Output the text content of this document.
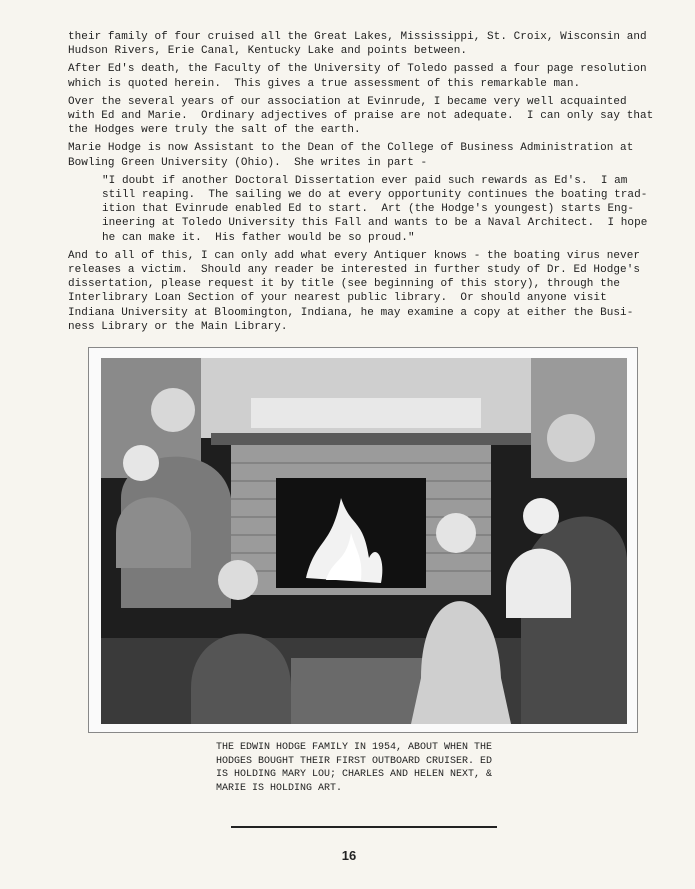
their family of four cruised all the Great Lakes, Mississippi, St. Croix, Wisconsin and
Hudson Rivers, Erie Canal, Kentucky Lake and points between.

After Ed's death, the Faculty of the University of Toledo passed a four page resolution
which is quoted herein.  This gives a true assessment of this remarkable man.

Over the several years of our association at Evinrude, I became very well acquainted
with Ed and Marie.  Ordinary adjectives of praise are not adequate.  I can only say that
the Hodges were truly the salt of the earth.

Marie Hodge is now Assistant to the Dean of the College of Business Administration at
Bowling Green University (Ohio).  She writes in part -

"I doubt if another Doctoral Dissertation ever paid such rewards as Ed's.  I am
still reaping.  The sailing we do at every opportunity continues the boating trad-
ition that Evinrude enabled Ed to start.  Art (the Hodge's youngest) starts Eng-
ineering at Toledo University this Fall and wants to be a Naval Architect.  I hope
he can make it.  His father would be so proud."

And to all of this, I can only add what every Antiquer knows - the boating virus never
releases a victim.  Should any reader be interested in further study of Dr. Ed Hodge's
dissertation, please request it by title (see beginning of this story), through the
Interlibrary Loan Section of your nearest public library.  Or should anyone visit
Indiana University at Bloomington, Indiana, he may examine a copy at either the Busi-
ness Library or the Main Library.

THE EDWIN HODGE FAMILY IN 1954, ABOUT WHEN THE
HODGES BOUGHT THEIR FIRST OUTBOARD CRUISER. ED
IS HOLDING MARY LOU; CHARLES AND HELEN NEXT, &
MARIE IS HOLDING ART.

16
